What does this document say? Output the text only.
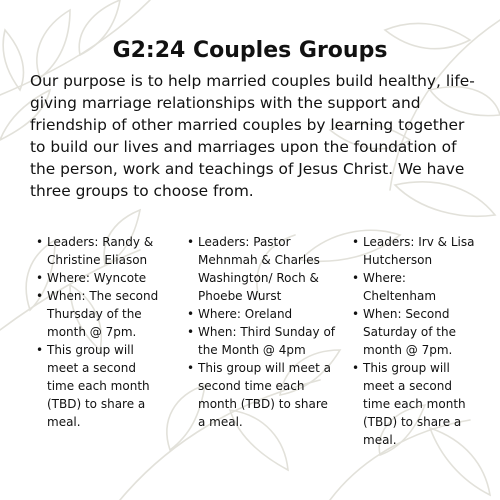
G2:24 Couples Groups
Our purpose is to help married couples build healthy, life-giving marriage relationships with the support and friendship of other married couples by learning together to build our lives and marriages upon the foundation of the person, work and teachings of Jesus Christ. We have three groups to choose from.
• Leaders: Randy & Christine Eliason
• Where: Wyncote
• When: The second Thursday of the month @ 7pm.
• This group will meet a second time each month (TBD) to share a meal.
• Leaders: Pastor Mehnmah & Charles Washington/ Roch & Phoebe Wurst
• Where: Oreland
• When: Third Sunday of the Month @ 4pm
• This group will meet a second time each month (TBD) to share a meal.
• Leaders: Irv & Lisa Hutcherson
• Where: Cheltenham
• When: Second Saturday of the month @ 7pm.
• This group will meet a second time each month (TBD) to share a meal.
